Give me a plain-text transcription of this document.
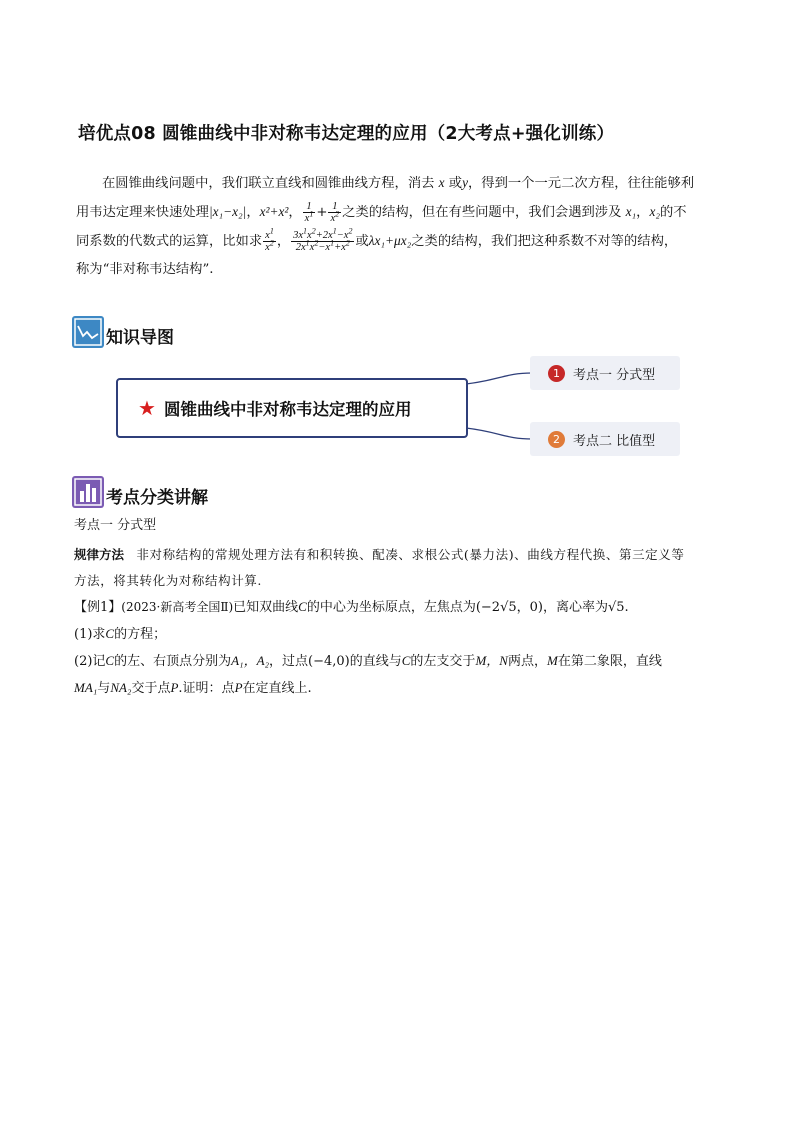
培优点08 圆锥曲线中非对称韦达定理的应用（2大考点+强化训练）
在圆锥曲线问题中，我们联立直线和圆锥曲线方程，消去 x 或y，得到一个一元二次方程，往往能够利
用韦达定理来快速处理|x₁−x₂|，x²+x²， $\frac{1}{x^1} + \frac{1}{x^2}$ 之类的结构，但在有些问题中，我们会遇到涉及 x₁，x₂的不
同系数的代数式的运算，比如求 $\frac{x^1}{x^2}$ ， $\frac{3x^1x^2+2x^1-x^2}{2x^1x^2-x^1+x^2}$ 或λx₁+μx₂之类的结构，我们把这种系数不对等的结构，
称为“非对称韦达结构”.
知识导图
★ 圆锥曲线中非对称韦达定理的应用
1	考点一 分式型
2	考点二 比值型
考点分类讲解
考点一 分式型
规律方法 非对称结构的常规处理方法有和积转换、配凑、求根公式(暴力法)、曲线方程代换、第三定义等
方法，将其转化为对称结构计算.
【例1】(2023·新高考全国Ⅱ)已知双曲线C的中心为坐标原点，左焦点为(−2√5，0)，离心率为√5.
(1)求C的方程；
(2)记C的左、右顶点分别为A₁，A₂，过点(−4,0)的直线与C的左支交于M，N两点，M在第二象限，直线
MA₁与NA₂交于点P.证明：点P在定直线上.
